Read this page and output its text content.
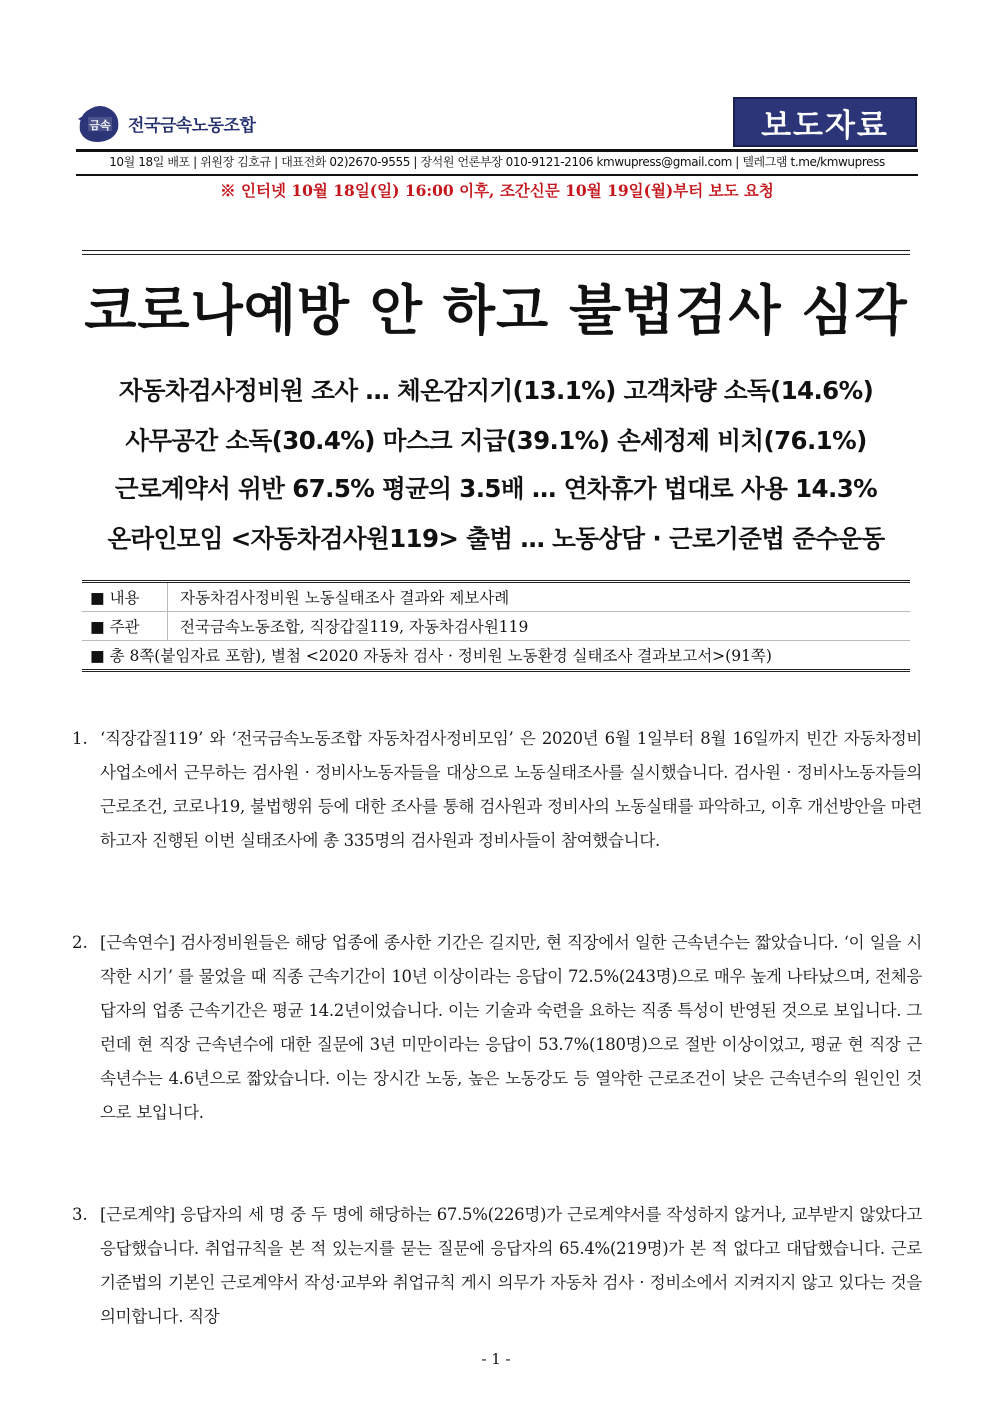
금속 전국금속노동조합	보도자료
10월 18일 배포 | 위원장 김호규 | 대표전화 02)2670-9555 | 장석원 언론부장 010-9121-2106 kmwupress@gmail.com | 텔레그램 t.me/kmwupress
※ 인터넷 10월 18일(일) 16:00 이후, 조간신문 10월 19일(월)부터 보도 요청
코로나예방 안 하고 불법검사 심각
자동차검사정비원 조사 … 체온감지기(13.1%) 고객차량 소독(14.6%)
사무공간 소독(30.4%) 마스크 지급(39.1%) 손세정제 비치(76.1%)
근로계약서 위반 67.5% 평균의 3.5배 … 연차휴가 법대로 사용 14.3%
온라인모임 <자동차검사원119> 출범 … 노동상담 · 근로기준법 준수운동
■ 내용	자동차검사정비원 노동실태조사 결과와 제보사례
■ 주관	전국금속노동조합, 직장갑질119, 자동차검사원119
■ 총 8쪽(붙임자료 포함), 별첨 <2020 자동차 검사 · 정비원 노동환경 실태조사 결과보고서>(91쪽)
1. ‘직장갑질119’ 와 ‘전국금속노동조합 자동차검사정비모임’ 은 2020년 6월 1일부터 8월 16일까지 빈간 자동차정비사업소에서 근무하는 검사원 · 정비사노동자들을 대상으로 노동실태조사를 실시했습니다. 검사원 · 정비사노동자들의 근로조건, 코로나19, 불법행위 등에 대한 조사를 통해 검사원과 정비사의 노동실태를 파악하고, 이후 개선방안을 마련하고자 진행된 이번 실태조사에 총 335명의 검사원과 정비사들이 참여했습니다.
2. [근속연수] 검사정비원들은 해당 업종에 종사한 기간은 길지만, 현 직장에서 일한 근속년수는 짧았습니다. ‘이 일을 시작한 시기’ 를 물었을 때 직종 근속기간이 10년 이상이라는 응답이 72.5%(243명)으로 매우 높게 나타났으며, 전체응답자의 업종 근속기간은 평균 14.2년이었습니다. 이는 기술과 숙련을 요하는 직종 특성이 반영된 것으로 보입니다. 그런데 현 직장 근속년수에 대한 질문에 3년 미만이라는 응답이 53.7%(180명)으로 절반 이상이었고, 평균 현 직장 근속년수는 4.6년으로 짧았습니다. 이는 장시간 노동, 높은 노동강도 등 열악한 근로조건이 낮은 근속년수의 원인인 것으로 보입니다.
3. [근로계약] 응답자의 세 명 중 두 명에 해당하는 67.5%(226명)가 근로계약서를 작성하지 않거나, 교부받지 않았다고 응답했습니다. 취업규칙을 본 적 있는지를 묻는 질문에 응답자의 65.4%(219명)가 본 적 없다고 대답했습니다. 근로기준법의 기본인 근로계약서 작성·교부와 취업규칙 게시 의무가 자동차 검사 · 정비소에서 지켜지지 않고 있다는 것을 의미합니다. 직장
- 1 -
